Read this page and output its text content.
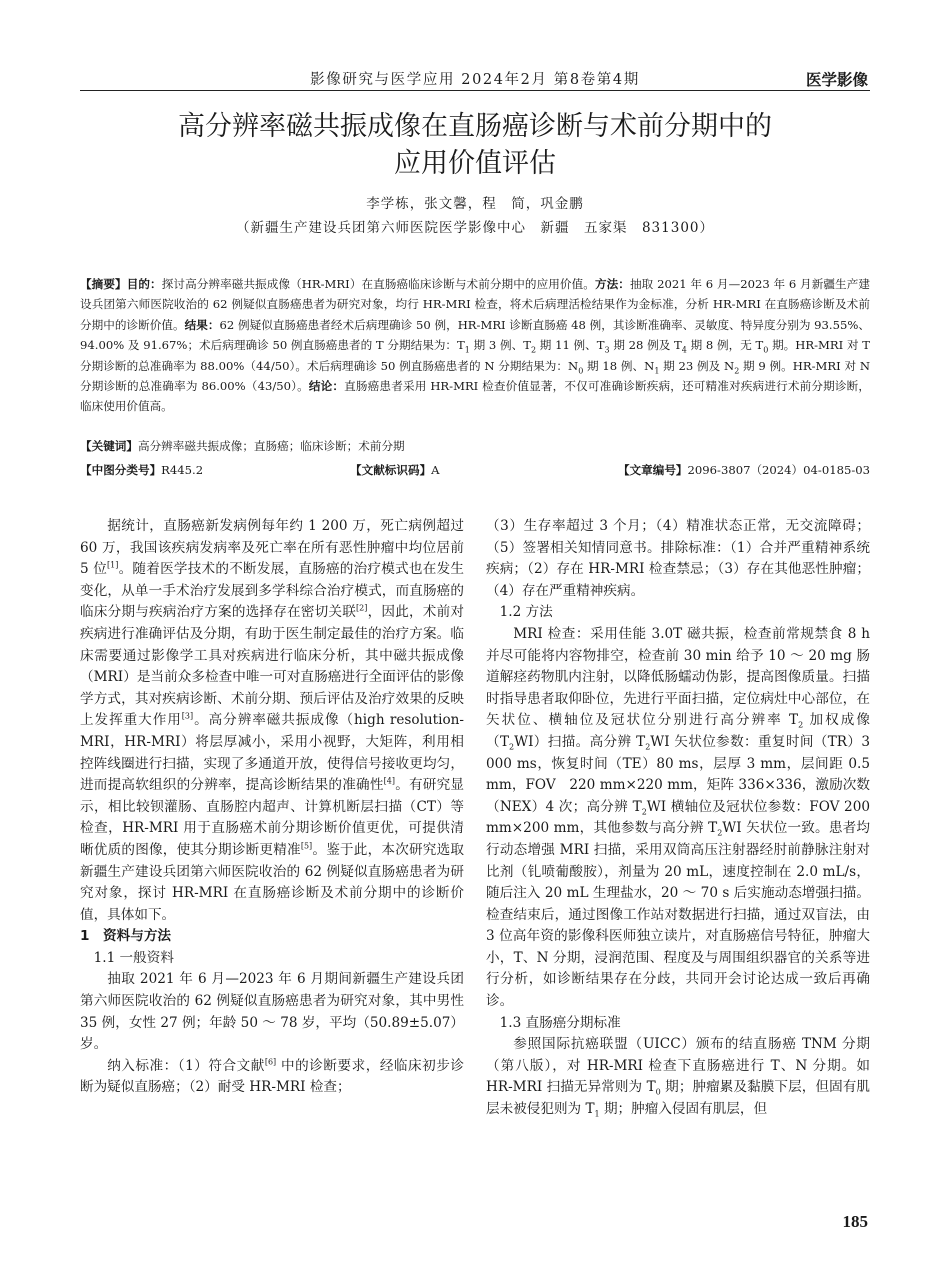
影像研究与医学应用 2024年2月 第8卷第4期	医学影像
高分辨率磁共振成像在直肠癌诊断与术前分期中的
应用价值评估
李学栋，张文馨，程　简，巩金鹏
（新疆生产建设兵团第六师医院医学影像中心　新疆　五家渠　831300）
【摘要】目的：探讨高分辨率磁共振成像（HR-MRI）在直肠癌临床诊断与术前分期中的应用价值。方法：抽取 2021 年 6 月—2023 年 6 月新疆生产建设兵团第六师医院收治的 62 例疑似直肠癌患者为研究对象，均行 HR-MRI 检查，将术后病理活检结果作为金标准，分析 HR-MRI 在直肠癌诊断及术前分期中的诊断价值。结果：62 例疑似直肠癌患者经术后病理确诊 50 例，HR-MRI 诊断直肠癌 48 例，其诊断准确率、灵敏度、特异度分别为 93.55%、94.00% 及 91.67%；术后病理确诊 50 例直肠癌患者的 T 分期结果为：$T_1$ 期 3 例、$T_2$ 期 11 例、$T_3$ 期 28 例及 $T_4$ 期 8 例，无 $T_0$ 期。HR-MRI 对 T 分期诊断的总准确率为 88.00%（44/50）。术后病理确诊 50 例直肠癌患者的 N 分期结果为：$N_0$ 期 18 例、$N_1$ 期 23 例及 $N_2$ 期 9 例。HR-MRI 对 N 分期诊断的总准确率为 86.00%（43/50）。结论：直肠癌患者采用 HR-MRI 检查价值显著，不仅可准确诊断疾病，还可精准对疾病进行术前分期诊断，临床使用价值高。
【关键词】高分辨率磁共振成像；直肠癌；临床诊断；术前分期
【中图分类号】R445.2	【文献标识码】A	【文章编号】2096-3807（2024）04-0185-03

据统计，直肠癌新发病例每年约 1 200 万，死亡病例超过 60 万，我国该疾病发病率及死亡率在所有恶性肿瘤中均位居前 5 位[1]。随着医学技术的不断发展，直肠癌的治疗模式也在发生变化，从单一手术治疗发展到多学科综合治疗模式，而直肠癌的临床分期与疾病治疗方案的选择存在密切关联[2]，因此，术前对疾病进行准确评估及分期，有助于医生制定最佳的治疗方案。临床需要通过影像学工具对疾病进行临床分析，其中磁共振成像（MRI）是当前众多检查中唯一可对直肠癌进行全面评估的影像学方式，其对疾病诊断、术前分期、预后评估及治疗效果的反映上发挥重大作用[3]。高分辨率磁共振成像（high resolution-MRI，HR-MRI）将层厚减小，采用小视野，大矩阵，利用相控阵线圈进行扫描，实现了多通道开放，使得信号接收更均匀，进而提高软组织的分辨率，提高诊断结果的准确性[4]。有研究显示，相比较钡灌肠、直肠腔内超声、计算机断层扫描（CT）等检查，HR-MRI 用于直肠癌术前分期诊断价值更优，可提供清晰优质的图像，使其分期诊断更精准[5]。鉴于此，本次研究选取新疆生产建设兵团第六师医院收治的 62 例疑似直肠癌患者为研究对象，探讨 HR-MRI 在直肠癌诊断及术前分期中的诊断价值，具体如下。

1　资料与方法

1.1 一般资料

抽取 2021 年 6 月—2023 年 6 月期间新疆生产建设兵团第六师医院收治的 62 例疑似直肠癌患者为研究对象，其中男性 35 例，女性 27 例；年龄 50 ～ 78 岁，平均（50.89±5.07）岁。

纳入标准：（1）符合文献[6] 中的诊断要求，经临床初步诊断为疑似直肠癌；（2）耐受 HR-MRI 检查；

（3）生存率超过 3 个月；（4）精准状态正常，无交流障碍；（5）签署相关知情同意书。排除标准：（1）合并严重精神系统疾病；（2）存在 HR-MRI 检查禁忌；（3）存在其他恶性肿瘤；（4）存在严重精神疾病。

1.2 方法

MRI 检查：采用佳能 3.0T 磁共振，检查前常规禁食 8 h 并尽可能将内容物排空，检查前 30 min 给予 10 ～ 20 mg 肠道解痉药物肌内注射，以降低肠蠕动伪影，提高图像质量。扫描时指导患者取仰卧位，先进行平面扫描，定位病灶中心部位，在矢状位、横轴位及冠状位分别进行高分辨率 $T_2$ 加权成像$(T_2WI)$扫描。高分辨 $T_2WI$ 矢状位参数：重复时间（TR）3 000 ms，恢复时间（TE）80 ms，层厚 3 mm，层间距 0.5 mm，FOV　220 mm×220 mm，矩阵 336×336，激励次数（NEX）4 次；高分辨 $T_2WI$ 横轴位及冠状位参数：FOV 200 mm×200 mm，其他参数与高分辨 $T_2WI$ 矢状位一致。患者均行动态增强 MRI 扫描，采用双筒高压注射器经肘前静脉注射对比剂（钆喷葡酸胺），剂量为 20 mL，速度控制在 2.0 mL/s，随后注入 20 mL 生理盐水，20 ～ 70 s 后实施动态增强扫描。检查结束后，通过图像工作站对数据进行扫描，通过双盲法，由 3 位高年资的影像科医师独立读片，对直肠癌信号特征，肿瘤大小，T、N 分期，浸润范围、程度及与周围组织器官的关系等进行分析，如诊断结果存在分歧，共同开会讨论达成一致后再确诊。

1.3 直肠癌分期标准

参照国际抗癌联盟（UICC）颁布的结直肠癌 TNM 分期（第八版），对 HR-MRI 检查下直肠癌进行 T、N 分期。如 HR-MRI 扫描无异常则为 $T_0$ 期；肿瘤累及黏膜下层，但固有肌层未被侵犯则为 $T_1$ 期；肿瘤入侵固有肌层，但

185
